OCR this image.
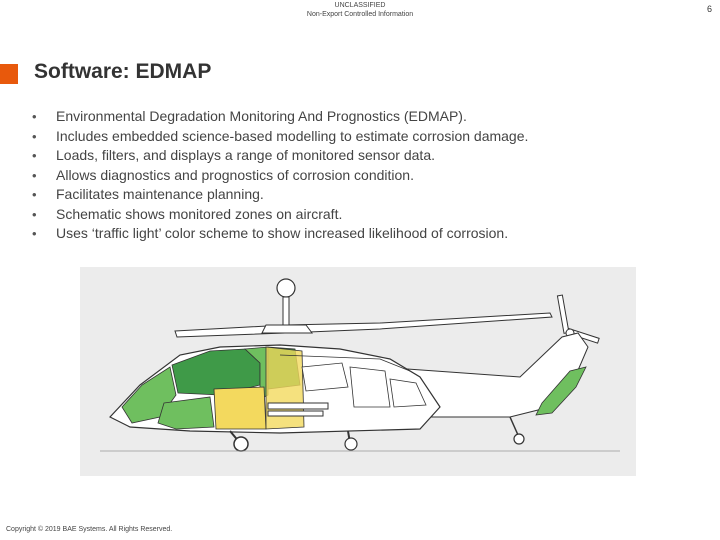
UNCLASSIFIED
Non-Export Controlled Information
6
Software: EDMAP
• Environmental Degradation Monitoring And Prognostics (EDMAP).
• Includes embedded science-based modelling to estimate corrosion damage.
• Loads, filters, and displays a range of monitored sensor data.
• Allows diagnostics and prognostics of corrosion condition.
• Facilitates maintenance planning.
• Schematic shows monitored zones on aircraft.
• Uses ‘traffic light’ color scheme to show increased likelihood of corrosion.
Copyright © 2019 BAE Systems. All Rights Reserved.
